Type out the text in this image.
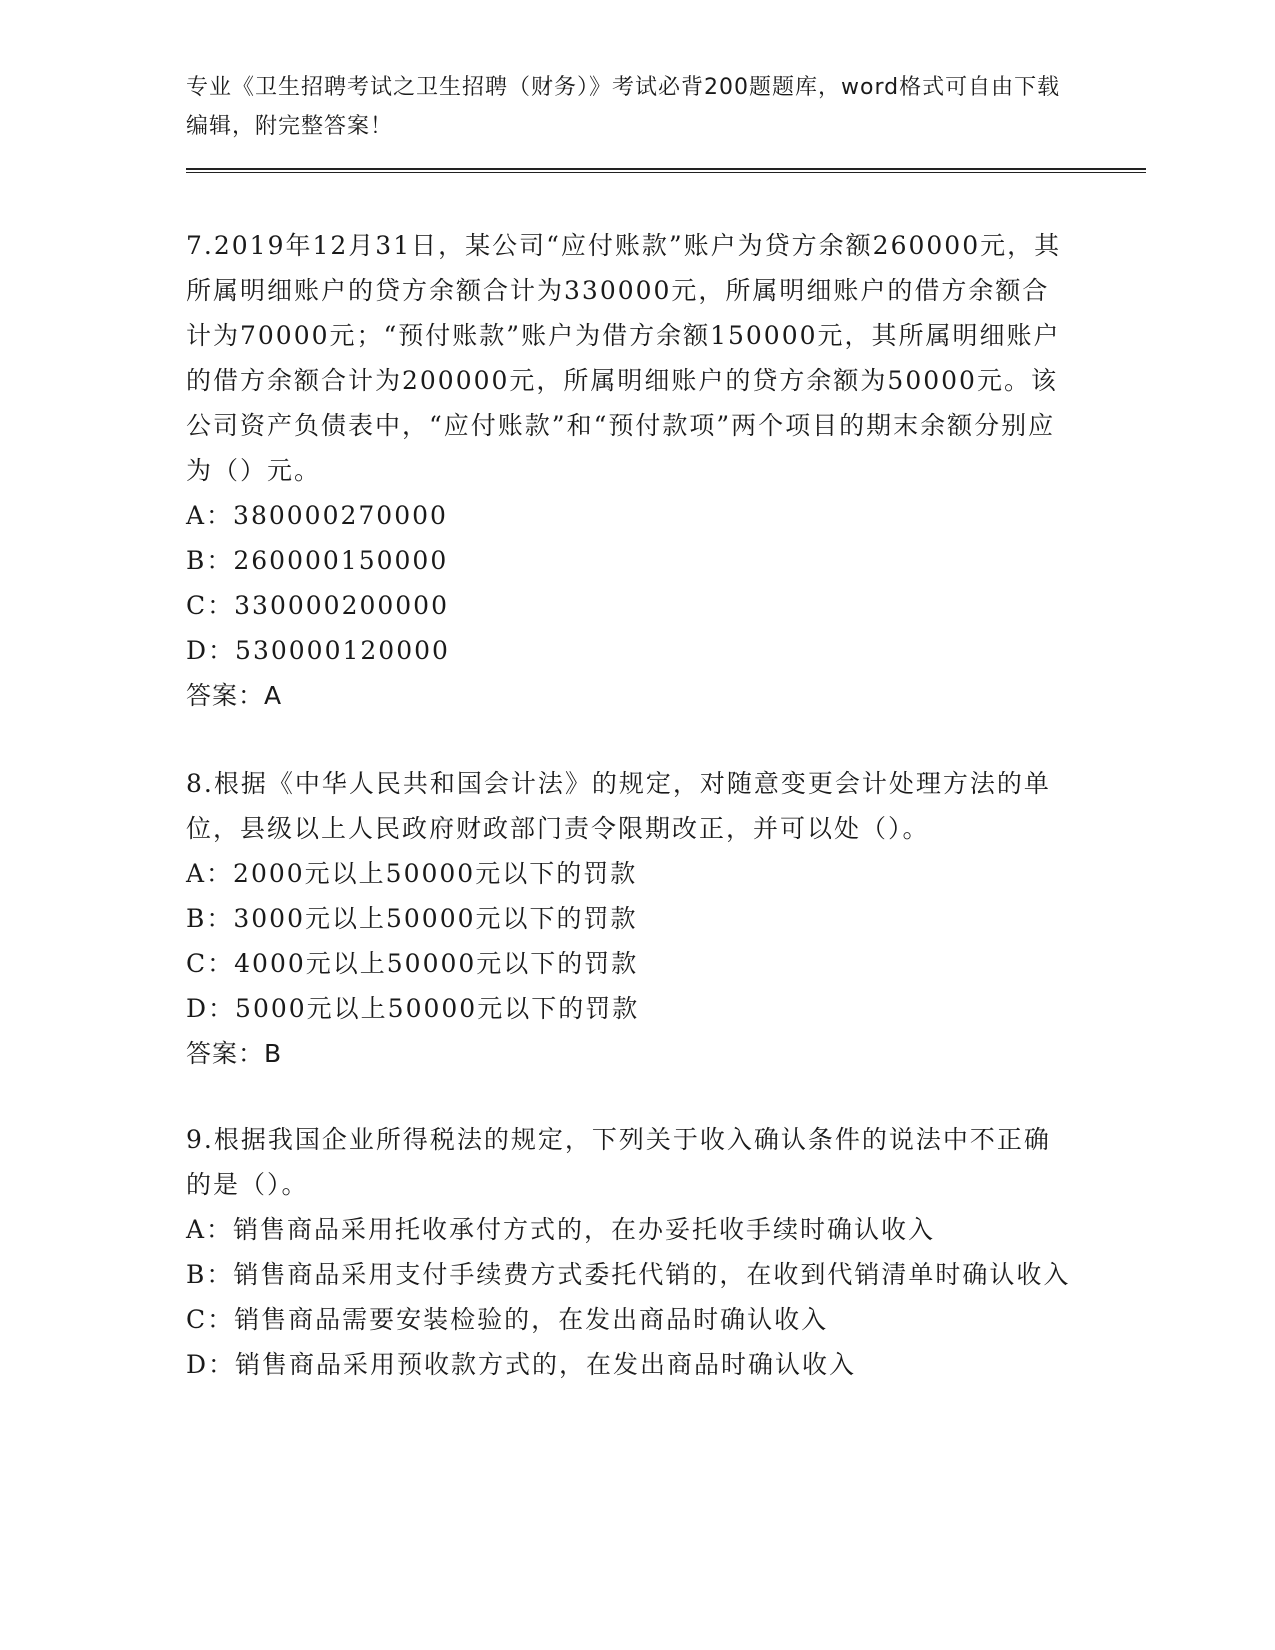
专业《卫生招聘考试之卫生招聘（财务）》考试必背200题题库，word格式可自由下载编辑，附完整答案！
7.2019年12月31日，某公司“应付账款”账户为贷方余额260000元，其所属明细账户的贷方余额合计为330000元，所属明细账户的借方余额合计为70000元；“预付账款”账户为借方余额150000元，其所属明细账户的借方余额合计为200000元，所属明细账户的贷方余额为50000元。该公司资产负债表中，“应付账款”和“预付款项”两个项目的期末余额分别应为（）元。
A：380000270000
B：260000150000
C：330000200000
D：530000120000
答案：A
8.根据《中华人民共和国会计法》的规定，对随意变更会计处理方法的单位，县级以上人民政府财政部门责令限期改正，并可以处（）。
A：2000元以上50000元以下的罚款
B：3000元以上50000元以下的罚款
C：4000元以上50000元以下的罚款
D：5000元以上50000元以下的罚款
答案：B
9.根据我国企业所得税法的规定，下列关于收入确认条件的说法中不正确的是（）。
A：销售商品采用托收承付方式的，在办妥托收手续时确认收入
B：销售商品采用支付手续费方式委托代销的，在收到代销清单时确认收入
C：销售商品需要安装检验的，在发出商品时确认收入
D：销售商品采用预收款方式的，在发出商品时确认收入
